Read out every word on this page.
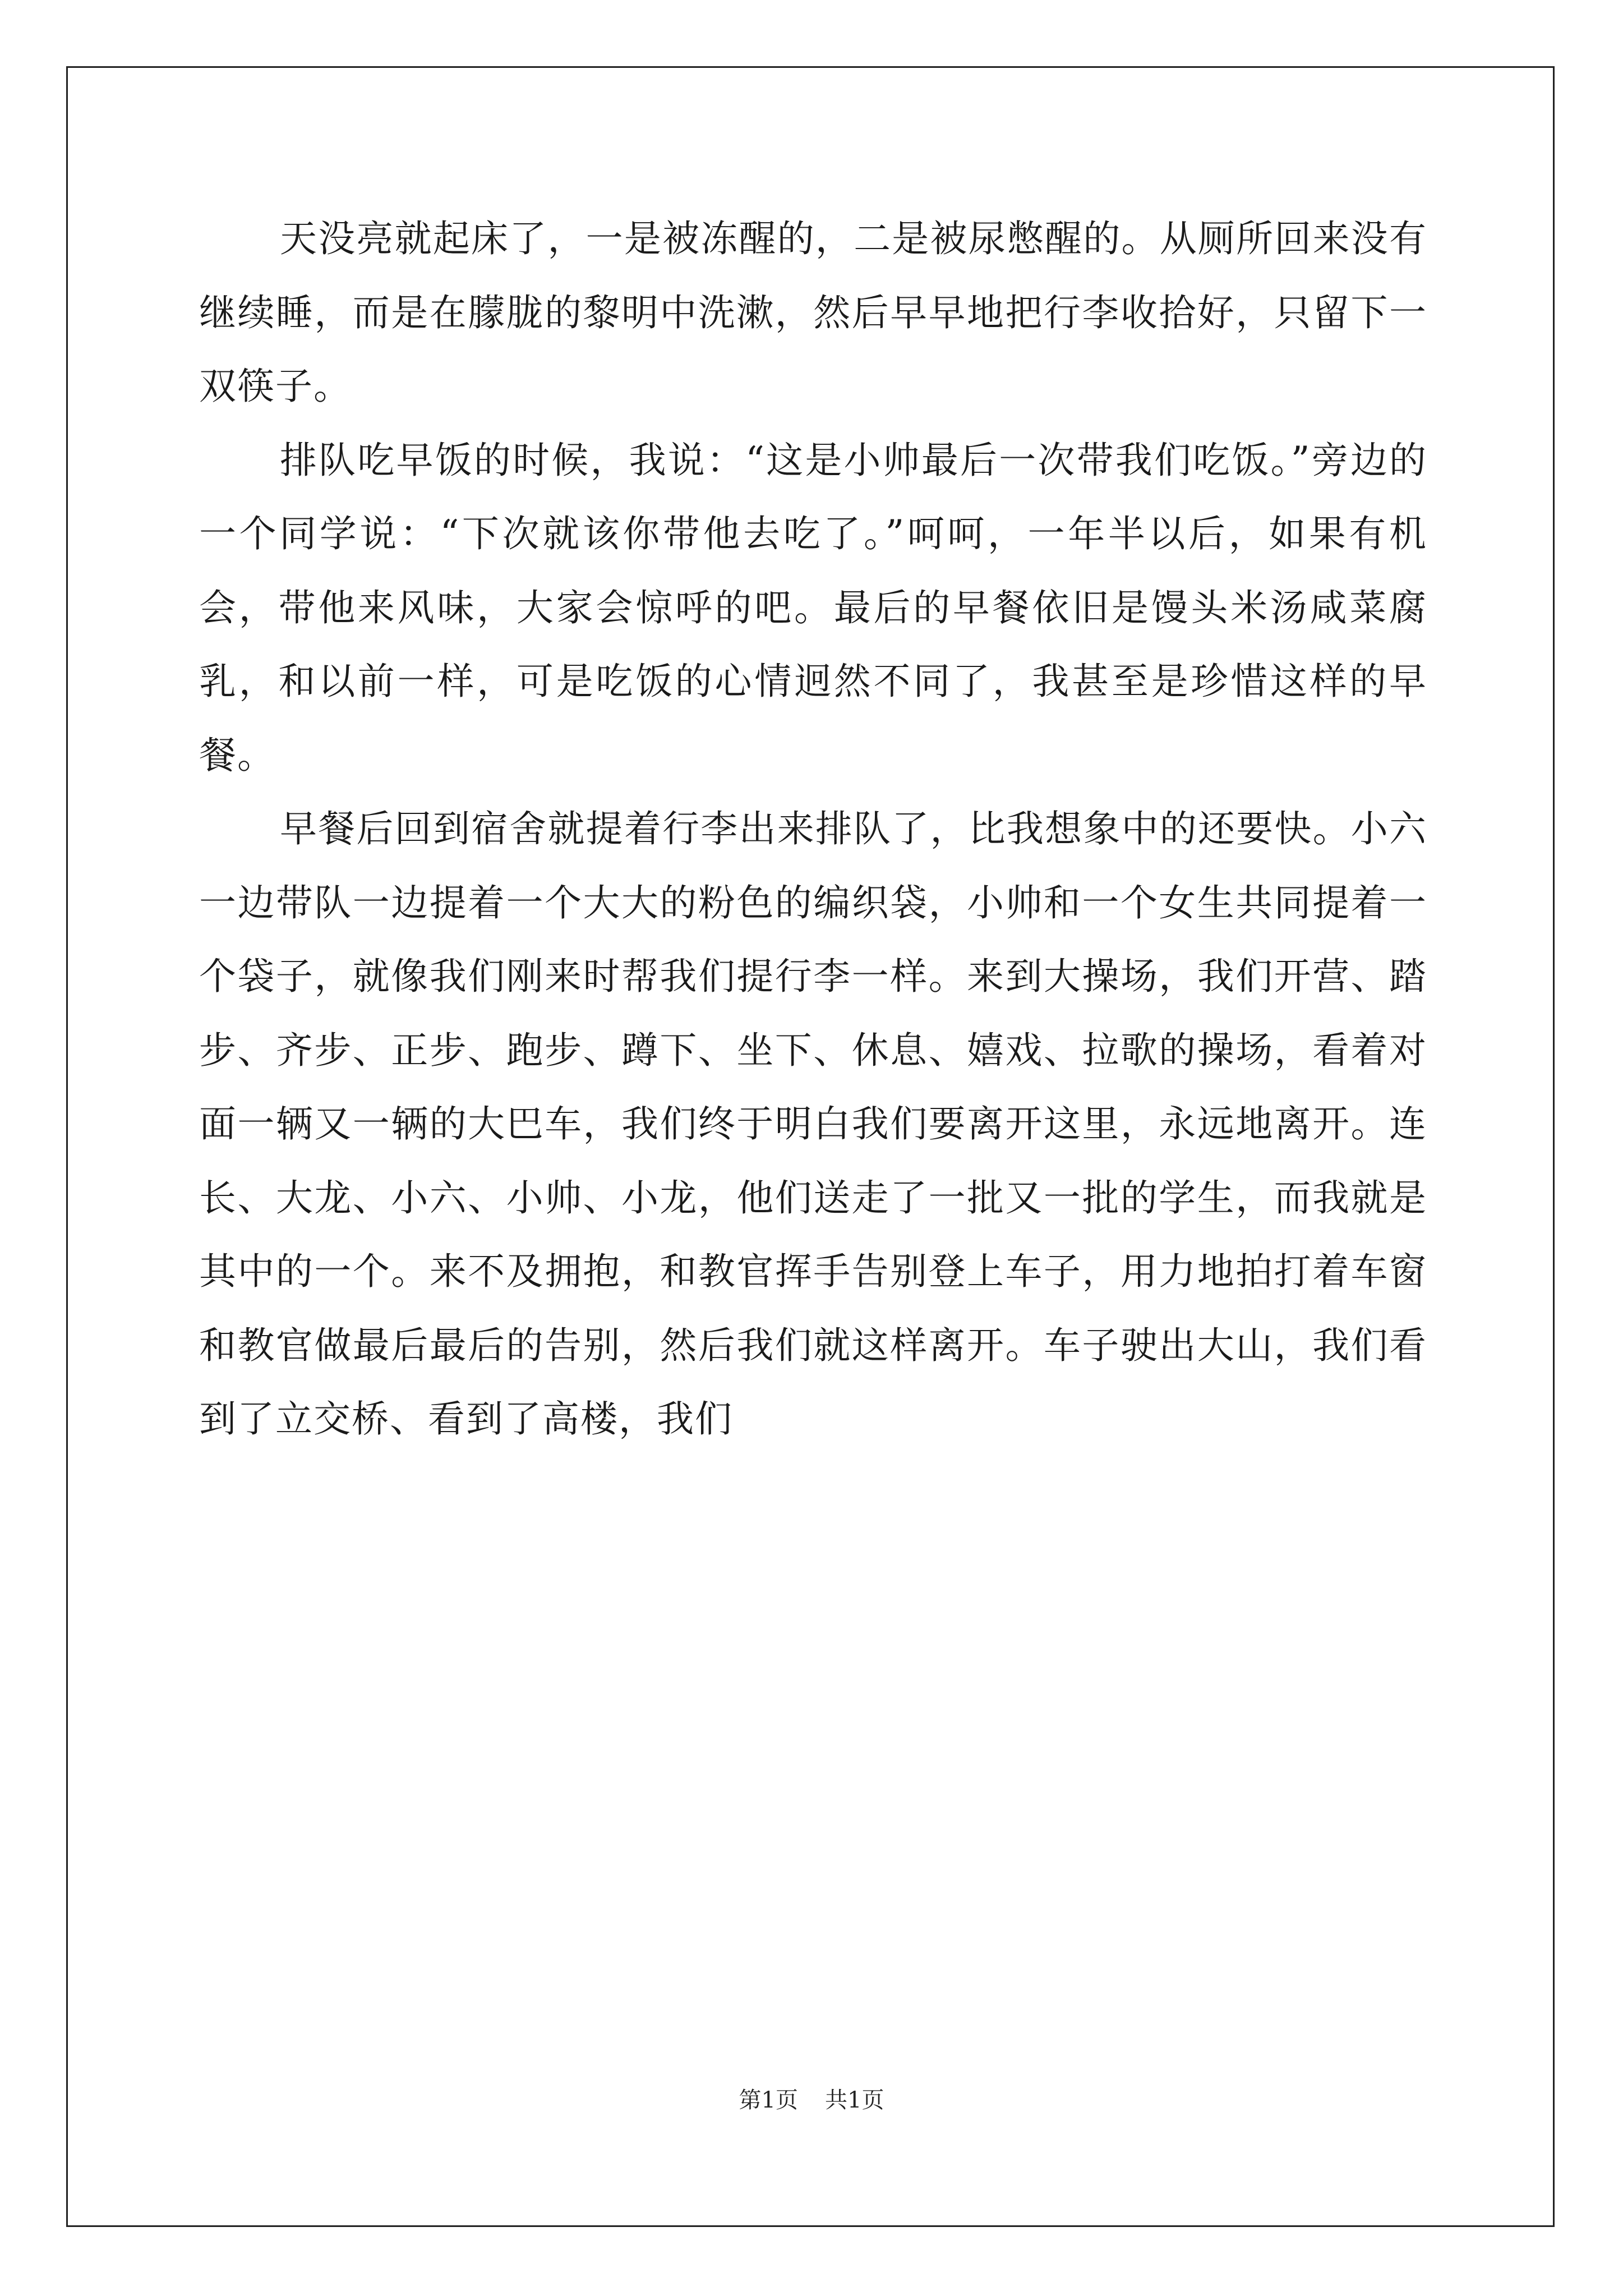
天没亮就起床了，一是被冻醒的，二是被尿憋醒的。从厕所回来没有继续睡，而是在朦胧的黎明中洗漱，然后早早地把行李收拾好，只留下一双筷子。

排队吃早饭的时候，我说：“这是小帅最后一次带我们吃饭。”旁边的一个同学说：“下次就该你带他去吃了。”呵呵，一年半以后，如果有机会，带他来风味，大家会惊呼的吧。最后的早餐依旧是馒头米汤咸菜腐乳，和以前一样，可是吃饭的心情迥然不同了，我甚至是珍惜这样的早餐。

早餐后回到宿舍就提着行李出来排队了，比我想象中的还要快。小六一边带队一边提着一个大大的粉色的编织袋，小帅和一个女生共同提着一个袋子，就像我们刚来时帮我们提行李一样。来到大操场，我们开营、踏步、齐步、正步、跑步、蹲下、坐下、休息、嬉戏、拉歌的操场，看着对面一辆又一辆的大巴车，我们终于明白我们要离开这里，永远地离开。连长、大龙、小六、小帅、小龙，他们送走了一批又一批的学生，而我就是其中的一个。来不及拥抱，和教官挥手告别登上车子，用力地拍打着车窗和教官做最后最后的告别，然后我们就这样离开。车子驶出大山，我们看到了立交桥、看到了高楼，我们

第1页 共1页
